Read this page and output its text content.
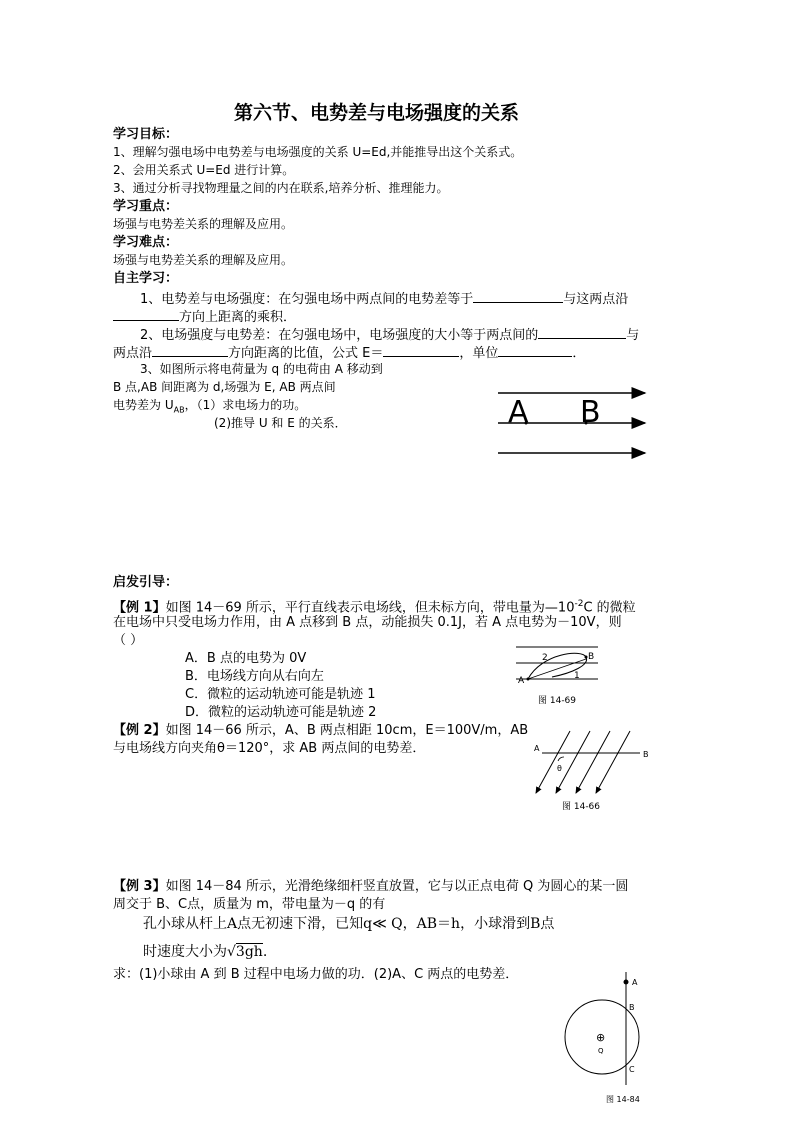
第六节、电势差与电场强度的关系
学习目标：
1、理解匀强电场中电势差与电场强度的关系 U=Ed,并能推导出这个关系式。
2、会用关系式 U=Ed 进行计算。
3、通过分析寻找物理量之间的内在联系,培养分析、推理能力。
学习重点：
场强与电势差关系的理解及应用。
学习难点：
场强与电势差关系的理解及应用。
自主学习：
1、电势差与电场强度：在匀强电场中两点间的电势差等于	与这两点沿
方向上距离的乘积．
2、电场强度与电势差：在匀强电场中，电场强度的大小等于两点间的	与
两点沿	方向距离的比值，公式 E＝	，单位	．
3、如图所示将电荷量为 q 的电荷由 A 移动到
B 点,AB 间距离为 d,场强为 E, AB 两点间
电势差为 $U_{AB}$，（1）求电场力的功。
(2)推导 U 和 E 的关系．	A B
启发引导：
【例 1】如图 14－69 所示，平行直线表示电场线，但未标方向，带电量为$—10^{-2}C$ 的微粒
在电场中只受电场力作用，由 A 点移到 B 点，动能损失 0.1J，若 A 点电势为－10V，则
（ ）
A．B 点的电势为 0V
B．电场线方向从右向左
C．微粒的运动轨迹可能是轨迹 1
D．微粒的运动轨迹可能是轨迹 2
A
B
1
2
图 14-69
【例 2】如图 14－66 所示，A、B 两点相距 10cm，E＝100V/m，AB
与电场线方向夹角θ＝120°，求 AB 两点间的电势差．	A
B
θ
图 14-66
【例 3】如图 14－84 所示，光滑绝缘细杆竖直放置，它与以正点电荷 Q 为圆心的某一圆
周交于 B、C点，质量为 m，带电量为－q 的有
孔小球从杆上A点无初速下滑，已知q≪ Q，AB＝h，小球滑到B点
时速度大小为√3gh.
求：(1)小球由 A 到 B 过程中电场力做的功．(2)A、C 两点的电势差．
A
B
C
⊕
Q
图 14-84
